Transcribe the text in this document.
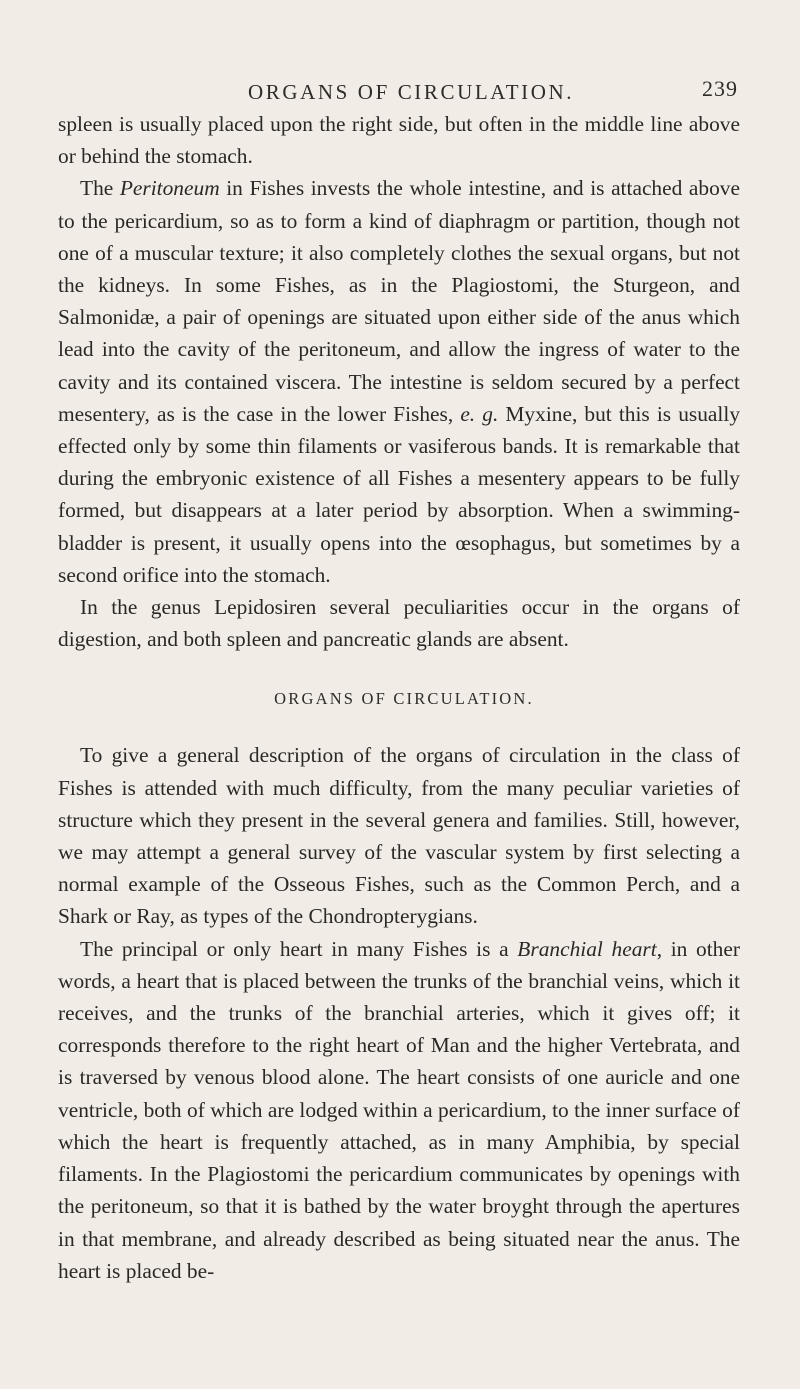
ORGANS OF CIRCULATION.	239

spleen is usually placed upon the right side, but often in the middle line above or behind the stomach.

The Peritoneum in Fishes invests the whole intestine, and is attached above to the pericardium, so as to form a kind of diaphragm or partition, though not one of a muscular texture; it also completely clothes the sexual organs, but not the kidneys. In some Fishes, as in the Plagiostomi, the Sturgeon, and Salmonidæ, a pair of openings are situated upon either side of the anus which lead into the cavity of the peritoneum, and allow the ingress of water to the cavity and its contained viscera. The intestine is seldom secured by a perfect mesentery, as is the case in the lower Fishes, e. g. Myxine, but this is usually effected only by some thin filaments or vasiferous bands. It is remarkable that during the embryonic existence of all Fishes a mesentery appears to be fully formed, but disappears at a later period by absorption. When a swimming-bladder is present, it usually opens into the œsophagus, but sometimes by a second orifice into the stomach.

In the genus Lepidosiren several peculiarities occur in the organs of digestion, and both spleen and pancreatic glands are absent.

ORGANS OF CIRCULATION.

To give a general description of the organs of circulation in the class of Fishes is attended with much difficulty, from the many peculiar varieties of structure which they present in the several genera and families. Still, however, we may attempt a general survey of the vascular system by first selecting a normal example of the Osseous Fishes, such as the Common Perch, and a Shark or Ray, as types of the Chondropterygians.

The principal or only heart in many Fishes is a Branchial heart, in other words, a heart that is placed between the trunks of the branchial veins, which it receives, and the trunks of the branchial arteries, which it gives off; it corresponds therefore to the right heart of Man and the higher Vertebrata, and is traversed by venous blood alone. The heart consists of one auricle and one ventricle, both of which are lodged within a pericardium, to the inner surface of which the heart is frequently attached, as in many Amphibia, by special filaments. In the Plagiostomi the pericardium communicates by openings with the peritoneum, so that it is bathed by the water broyght through the apertures in that membrane, and already described as being situated near the anus. The heart is placed be-
